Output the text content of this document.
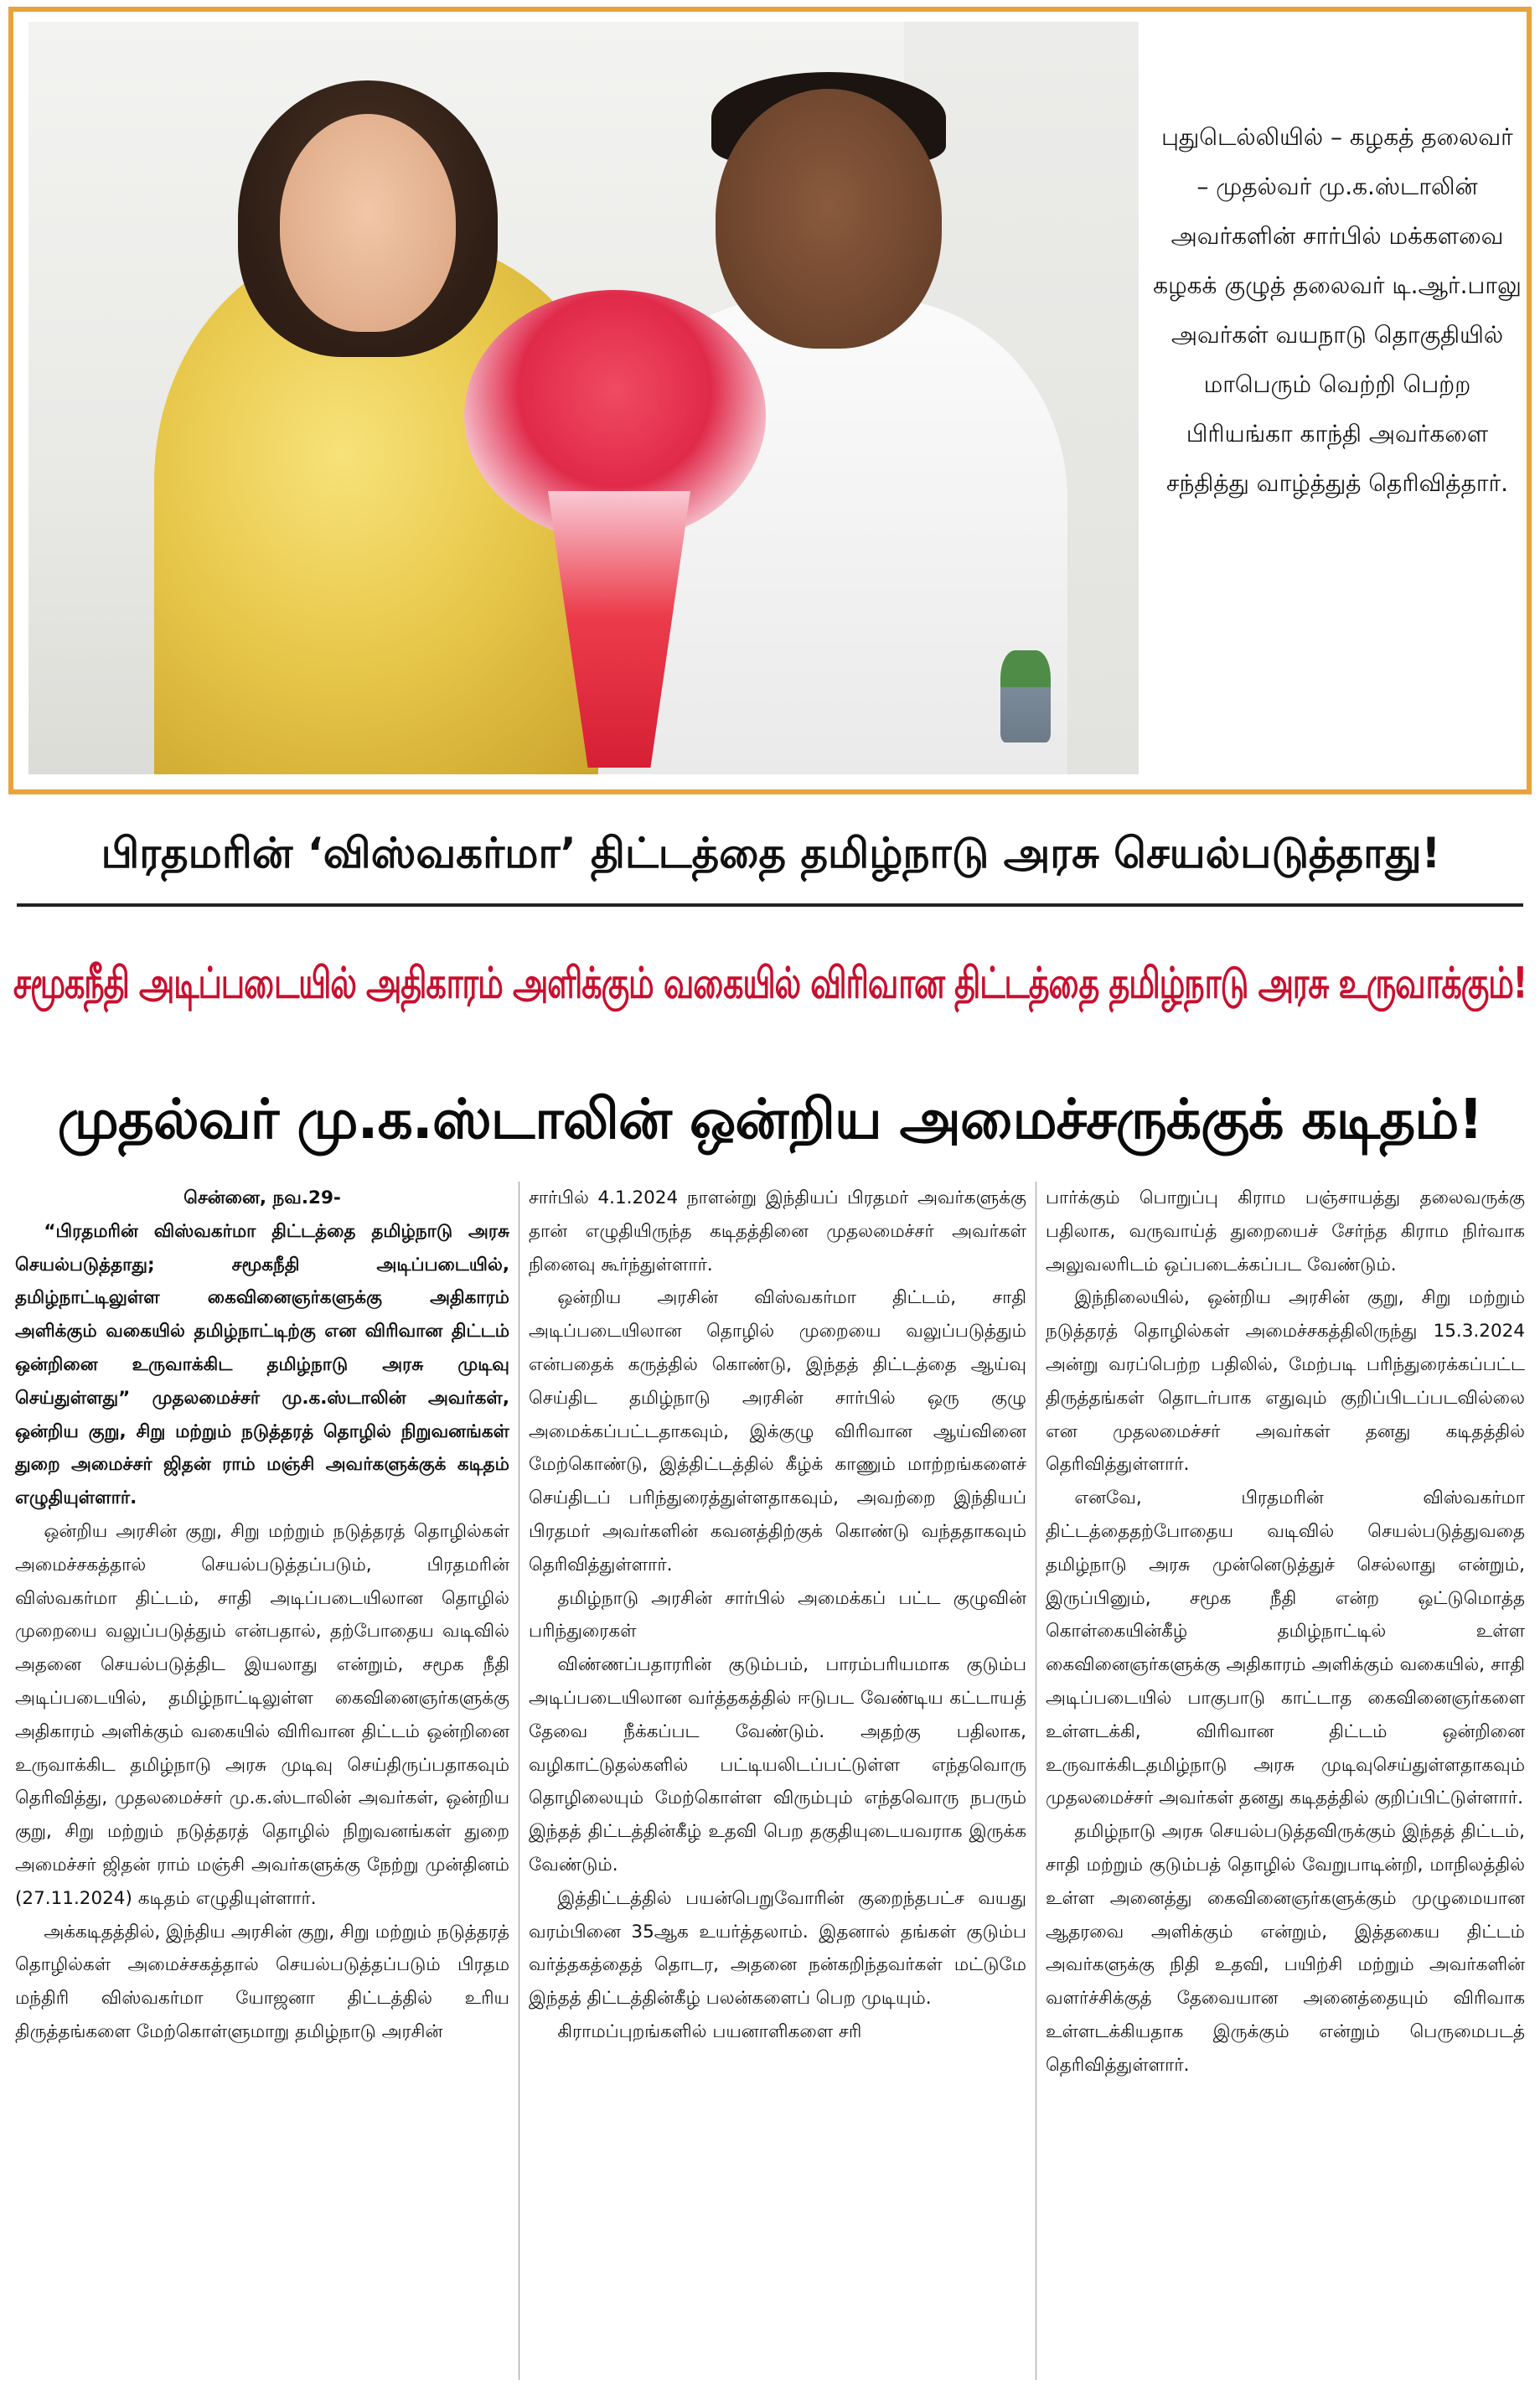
புதுடெல்லியில் – கழகத் தலைவர் – முதல்வர் மு.க.ஸ்டாலின் அவர்களின் சார்பில் மக்களவை கழகக் குழுத் தலைவர் டி.ஆர்.பாலு அவர்கள் வயநாடு தொகுதியில் மாபெரும் வெற்றி பெற்ற பிரியங்கா காந்தி அவர்களை சந்தித்து வாழ்த்துத் தெரிவித்தார்.
பிரதமரின் ‘விஸ்வகர்மா’ திட்டத்தை தமிழ்நாடு அரசு செயல்படுத்தாது!
சமூகநீதி அடிப்படையில் அதிகாரம் அளிக்கும் வகையில் விரிவான திட்டத்தை தமிழ்நாடு அரசு உருவாக்கும்!
முதல்வர் மு.க.ஸ்டாலின் ஒன்றிய அமைச்சருக்குக் கடிதம்!
சென்னை, நவ.29-

“பிரதமரின் விஸ்வகர்மா திட்டத்தை தமிழ்நாடு அரசு செயல்படுத்தாது; சமூகநீதி அடிப்படையில், தமிழ்நாட்டிலுள்ள கைவினைஞர்களுக்கு அதிகாரம் அளிக்கும் வகையில் தமிழ்நாட்டிற்கு என விரிவான திட்டம் ஒன்றினை உருவாக்கிட தமிழ்நாடு அரசு முடிவு செய்துள்ளது” முதலமைச்சர் மு.க.ஸ்டாலின் அவர்கள், ஒன்றிய குறு, சிறு மற்றும் நடுத்தரத் தொழில் நிறுவனங்கள் துறை அமைச்சர் ஜிதன் ராம் மஞ்சி அவர்களுக்குக் கடிதம் எழுதியுள்ளார்.

ஒன்றிய அரசின் குறு, சிறு மற்றும் நடுத்தரத் தொழில்கள் அமைச்சகத்தால் செயல்படுத்தப்படும், பிரதமரின் விஸ்வகர்மா திட்டம், சாதி அடிப்படையிலான தொழில் முறையை வலுப்படுத்தும் என்பதால், தற்போதைய வடிவில் அதனை செயல்படுத்திட இயலாது என்றும், சமூக நீதி அடிப்படையில், தமிழ்நாட்டிலுள்ள கைவினைஞர்களுக்கு அதிகாரம் அளிக்கும் வகையில் விரிவான திட்டம் ஒன்றினை உருவாக்கிட தமிழ்நாடு அரசு முடிவு செய்திருப்பதாகவும் தெரிவித்து, முதலமைச்சர் மு.க.ஸ்டாலின் அவர்கள், ஒன்றிய குறு, சிறு மற்றும் நடுத்தரத் தொழில் நிறுவனங்கள் துறை அமைச்சர் ஜிதன் ராம் மஞ்சி அவர்களுக்கு நேற்று முன்தினம் (27.11.2024) கடிதம் எழுதியுள்ளார்.

அக்கடிதத்தில், இந்திய அரசின் குறு, சிறு மற்றும் நடுத்தரத் தொழில்கள் அமைச்சகத்தால் செயல்படுத்தப்படும் பிரதம மந்திரி விஸ்வகர்மா யோஜனா திட்டத்தில் உரிய திருத்தங்களை மேற்கொள்ளுமாறு தமிழ்நாடு அரசின்

சார்பில் 4.1.2024 நாளன்று இந்தியப் பிரதமர் அவர்களுக்கு தான் எழுதியிருந்த கடிதத்தினை முதலமைச்சர் அவர்கள் நினைவு கூர்ந்துள்ளார்.

ஒன்றிய அரசின் விஸ்வகர்மா திட்டம், சாதி அடிப்படையிலான தொழில் முறையை வலுப்படுத்தும் என்பதைக் கருத்தில் கொண்டு, இந்தத் திட்டத்தை ஆய்வு செய்திட தமிழ்நாடு அரசின் சார்பில் ஒரு குழு அமைக்கப்பட்டதாகவும், இக்குழு விரிவான ஆய்வினை மேற்கொண்டு, இத்திட்டத்தில் கீழ்க் காணும் மாற்றங்களைச் செய்திடப் பரிந்துரைத்துள்ளதாகவும், அவற்றை இந்தியப் பிரதமர் அவர்களின் கவனத்திற்குக் கொண்டு வந்ததாகவும் தெரிவித்துள்ளார்.

தமிழ்நாடு அரசின் சார்பில் அமைக்கப் பட்ட குழுவின் பரிந்துரைகள்

விண்ணப்பதாரரின் குடும்பம், பாரம்பரியமாக குடும்ப அடிப்படையிலான வர்த்தகத்தில் ஈடுபட வேண்டிய கட்டாயத் தேவை நீக்கப்பட வேண்டும். அதற்கு பதிலாக, வழிகாட்டுதல்களில் பட்டியலிடப்பட்டுள்ள எந்தவொரு தொழிலையும் மேற்கொள்ள விரும்பும் எந்தவொரு நபரும் இந்தத் திட்டத்தின்கீழ் உதவி பெற தகுதியுடையவராக இருக்க வேண்டும்.

இத்திட்டத்தில் பயன்பெறுவோரின் குறைந்தபட்ச வயது வரம்பினை 35ஆக உயர்த்தலாம். இதனால் தங்கள் குடும்ப வர்த்தகத்தைத் தொடர, அதனை நன்கறிந்தவர்கள் மட்டுமே இந்தத் திட்டத்தின்கீழ் பலன்களைப் பெற முடியும்.

கிராமப்புறங்களில் பயனாளிகளை சரி

பார்க்கும் பொறுப்பு கிராம பஞ்சாயத்து தலைவருக்கு பதிலாக, வருவாய்த் துறையைச் சேர்ந்த கிராம நிர்வாக அலுவலரிடம் ஒப்படைக்கப்பட வேண்டும்.

இந்நிலையில், ஒன்றிய அரசின் குறு, சிறு மற்றும் நடுத்தரத் தொழில்கள் அமைச்சகத்திலிருந்து 15.3.2024 அன்று வரப்பெற்ற பதிலில், மேற்படி பரிந்துரைக்கப்பட்ட திருத்தங்கள் தொடர்பாக எதுவும் குறிப்பிடப்படவில்லை என முதலமைச்சர் அவர்கள் தனது கடிதத்தில் தெரிவித்துள்ளார்.

எனவே, பிரதமரின் விஸ்வகர்மா திட்டத்தைதற்போதைய வடிவில் செயல்படுத்துவதை தமிழ்நாடு அரசு முன்னெடுத்துச் செல்லாது என்றும், இருப்பினும், சமூக நீதி என்ற ஒட்டுமொத்த கொள்கையின்கீழ் தமிழ்நாட்டில் உள்ள கைவினைஞர்களுக்கு அதிகாரம் அளிக்கும் வகையில், சாதி அடிப்படையில் பாகுபாடு காட்டாத கைவினைஞர்களை உள்ளடக்கி, விரிவான திட்டம் ஒன்றினை உருவாக்கிடதமிழ்நாடு அரசு முடிவுசெய்துள்ளதாகவும் முதலமைச்சர் அவர்கள் தனது கடிதத்தில் குறிப்பிட்டுள்ளார்.

தமிழ்நாடு அரசு செயல்படுத்தவிருக்கும் இந்தத் திட்டம், சாதி மற்றும் குடும்பத் தொழில் வேறுபாடின்றி, மாநிலத்தில் உள்ள அனைத்து கைவினைஞர்களுக்கும் முழுமையான ஆதரவை அளிக்கும் என்றும், இத்தகைய திட்டம் அவர்களுக்கு நிதி உதவி, பயிற்சி மற்றும் அவர்களின் வளர்ச்சிக்குத் தேவையான அனைத்தையும் விரிவாக உள்ளடக்கியதாக இருக்கும் என்றும் பெருமைபடத் தெரிவித்துள்ளார்.
